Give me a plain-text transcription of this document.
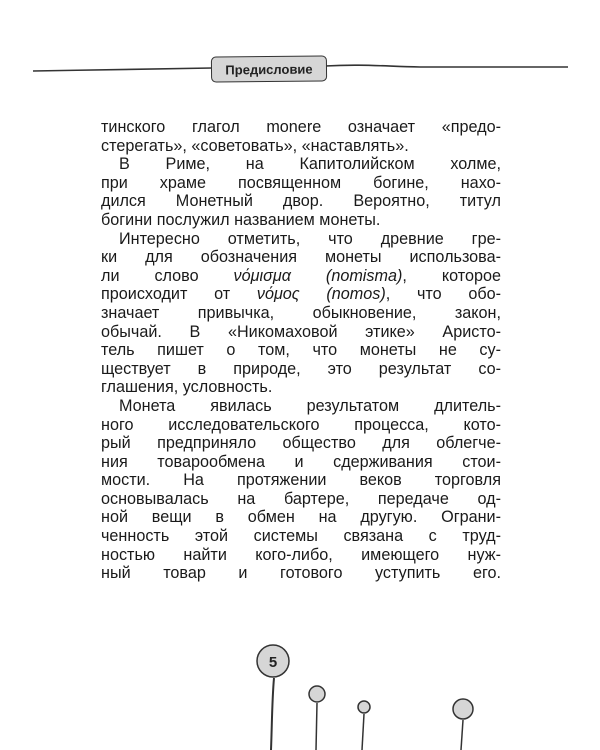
Предисловие
тинского глагол monere означает «предо-
стерегать», «советовать», «наставлять».
В Риме, на Капитолийском холме,
при храме посвященном богине, нахо-
дился Монетный двор. Вероятно, титул
богини послужил названием монеты.
Интересно отметить, что древние гре-
ки для обозначения монеты использова-
ли слово νόμισμα (nomisma), которое
происходит от νόμος (nomos), что обо-
значает привычка, обыкновение, закон,
обычай. В «Никомаховой этике» Аристо-
тель пишет о том, что монеты не су-
ществует в природе, это результат со-
глашения, условность.
Монета явилась результатом длитель-
ного исследовательского процесса, кото-
рый предприняло общество для облегче-
ния товарообмена и сдерживания стои-
мости. На протяжении веков торговля
основывалась на бартере, передаче од-
ной вещи в обмен на другую. Ограни-
ченность этой системы связана с труд-
ностью найти кого-либо, имеющего нуж-
ный товар и готового уступить его.
5
